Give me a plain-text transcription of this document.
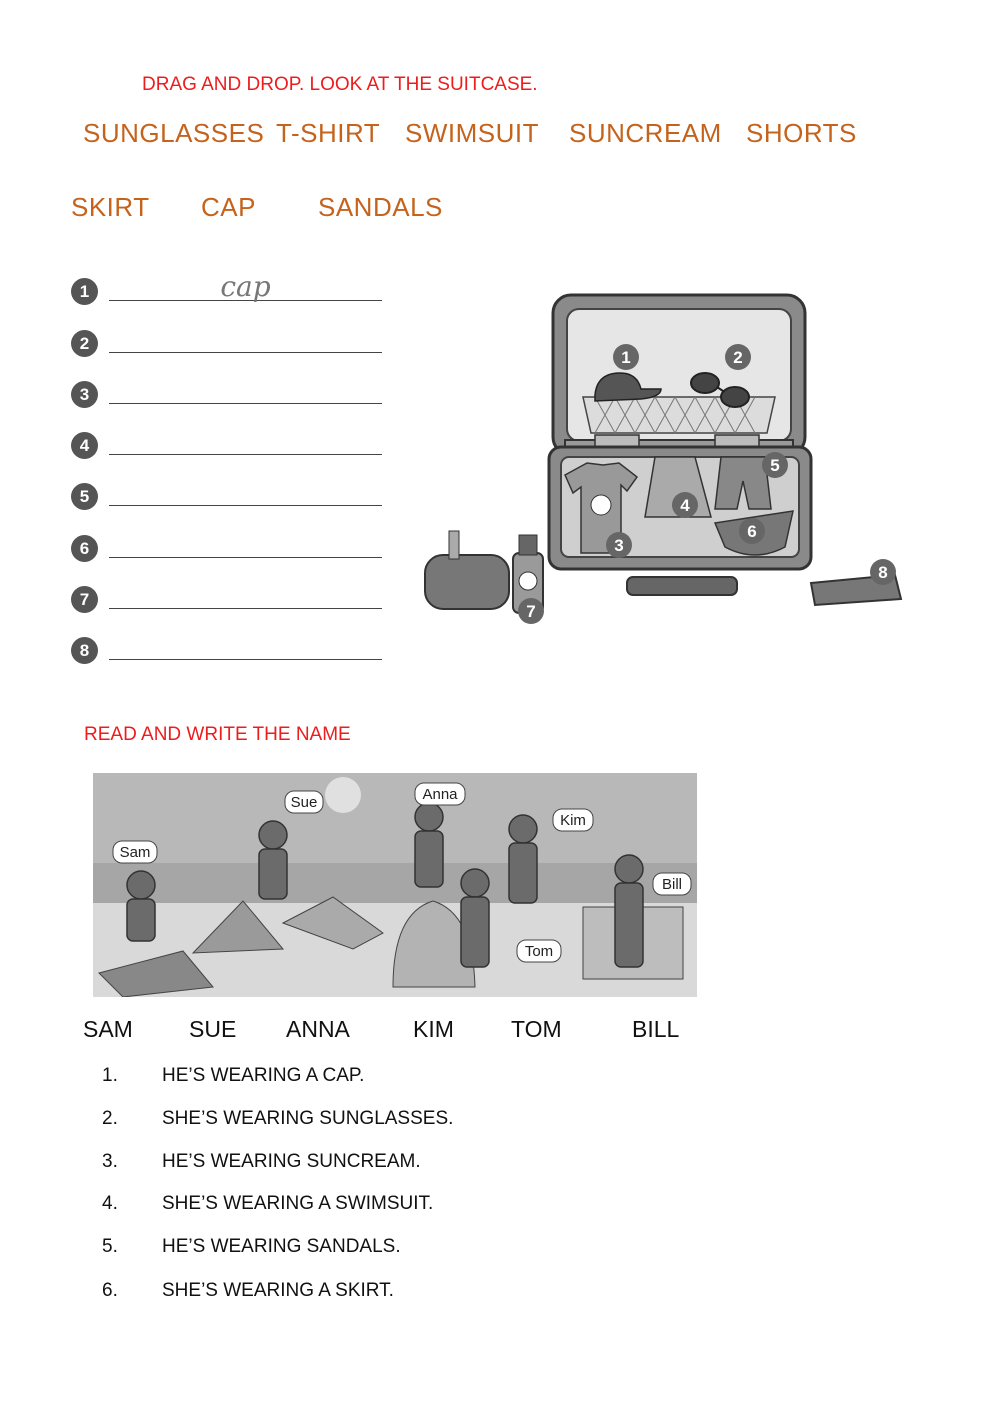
DRAG AND DROP. LOOK AT THE SUITCASE.
SUNGLASSES T-SHIRT SWIMSUIT SUNCREAM SHORTS
SKIRT CAP SANDALS
1	cap
2
3
4
5
6
7
8
1	2
3
4
5
6
7
8
READ AND WRITE THE NAME
Sue	Anna
Sam
Kim
Bill
Tom
SAM SUE ANNA	KIM TOM	BILL
1. HE’S WEARING A CAP.
2. SHE’S WEARING SUNGLASSES.
3. HE’S WEARING SUNCREAM.
4. SHE’S WEARING A SWIMSUIT.
5. HE’S WEARING SANDALS.
6. SHE’S WEARING A SKIRT.
